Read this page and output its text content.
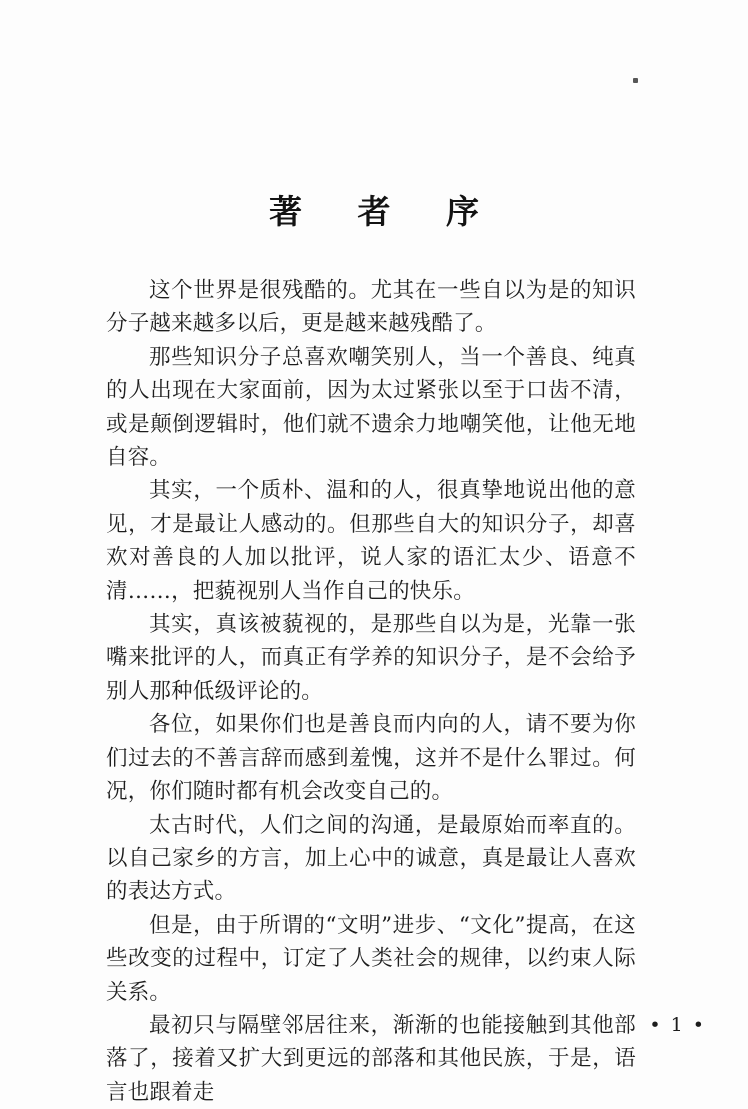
著 者 序

这个世界是很残酷的。尤其在一些自以为是的知识分子越来越多以后，更是越来越残酷了。

那些知识分子总喜欢嘲笑别人，当一个善良、纯真的人出现在大家面前，因为太过紧张以至于口齿不清，或是颠倒逻辑时，他们就不遗余力地嘲笑他，让他无地自容。

其实，一个质朴、温和的人，很真挚地说出他的意见，才是最让人感动的。但那些自大的知识分子，却喜欢对善良的人加以批评，说人家的语汇太少、语意不清……，把藐视别人当作自己的快乐。

其实，真该被藐视的，是那些自以为是，光靠一张嘴来批评的人，而真正有学养的知识分子，是不会给予别人那种低级评论的。

各位，如果你们也是善良而内向的人，请不要为你们过去的不善言辞而感到羞愧，这并不是什么罪过。何况，你们随时都有机会改变自己的。

太古时代，人们之间的沟通，是最原始而率直的。以自己家乡的方言，加上心中的诚意，真是最让人喜欢的表达方式。

但是，由于所谓的“文明”进步、“文化”提高，在这些改变的过程中，订定了人类社会的规律，以约束人际关系。

最初只与隔壁邻居往来，渐渐的也能接触到其他部落了，接着又扩大到更远的部落和其他民族，于是，语言也跟着走

• 1 •
